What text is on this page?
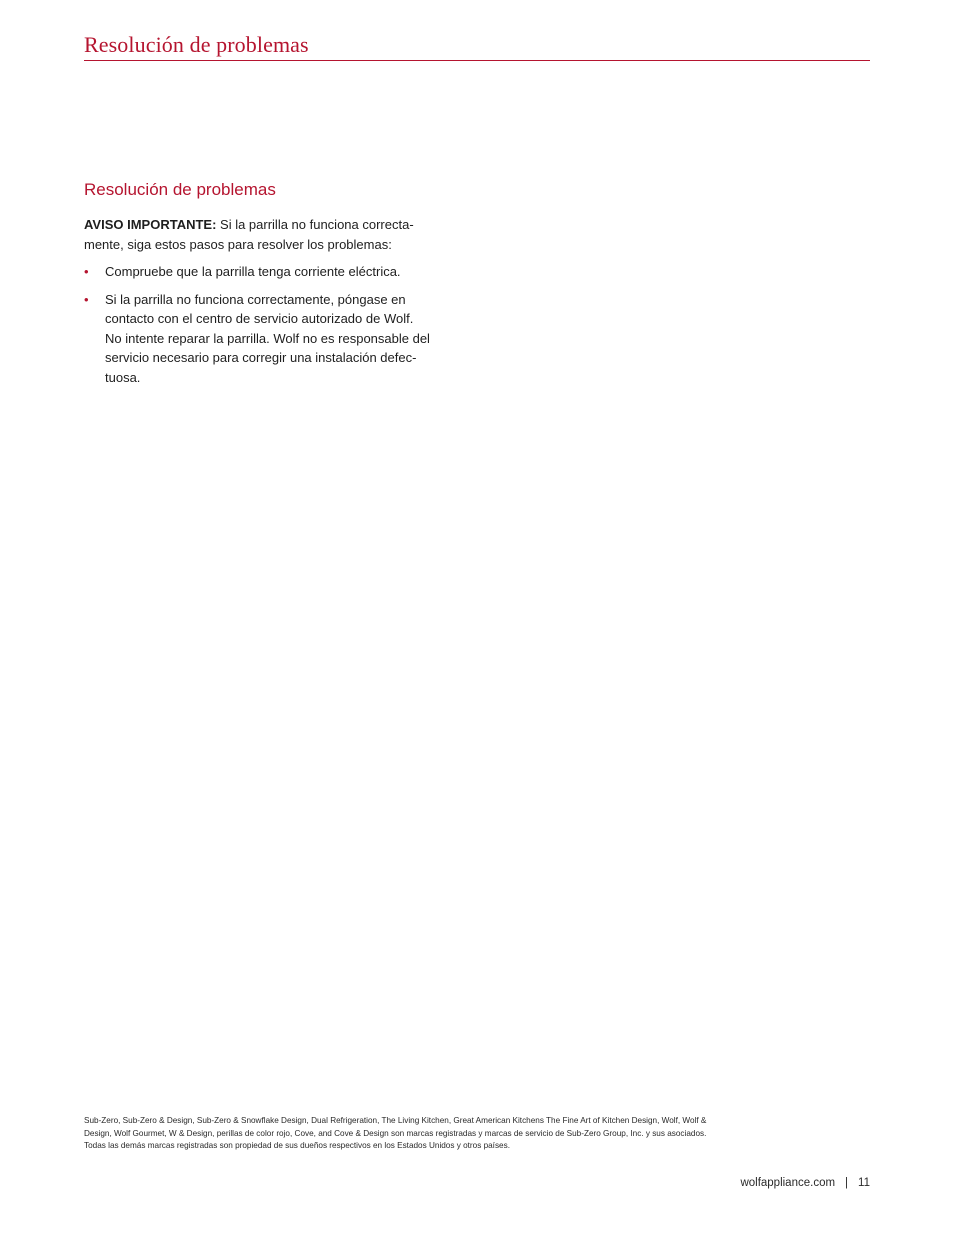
Resolución de problemas
Resolución de problemas

AVISO IMPORTANTE: Si la parrilla no funciona correcta-
mente, siga estos pasos para resolver los problemas:

• Compruebe que la parrilla tenga corriente eléctrica.
• Si la parrilla no funciona correctamente, póngase en
contacto con el centro de servicio autorizado de Wolf.
No intente reparar la parrilla. Wolf no es responsable del
servicio necesario para corregir una instalación defec-
tuosa.
Sub-Zero, Sub-Zero & Design, Sub-Zero & Snowflake Design, Dual Refrigeration, The Living Kitchen, Great American Kitchens The Fine Art of Kitchen Design, Wolf, Wolf &
Design, Wolf Gourmet, W & Design, perillas de color rojo, Cove, and Cove & Design son marcas registradas y marcas de servicio de Sub-Zero Group, Inc. y sus asociados.
Todas las demás marcas registradas son propiedad de sus dueños respectivos en los Estados Unidos y otros países.
wolfappliance.com | 11
